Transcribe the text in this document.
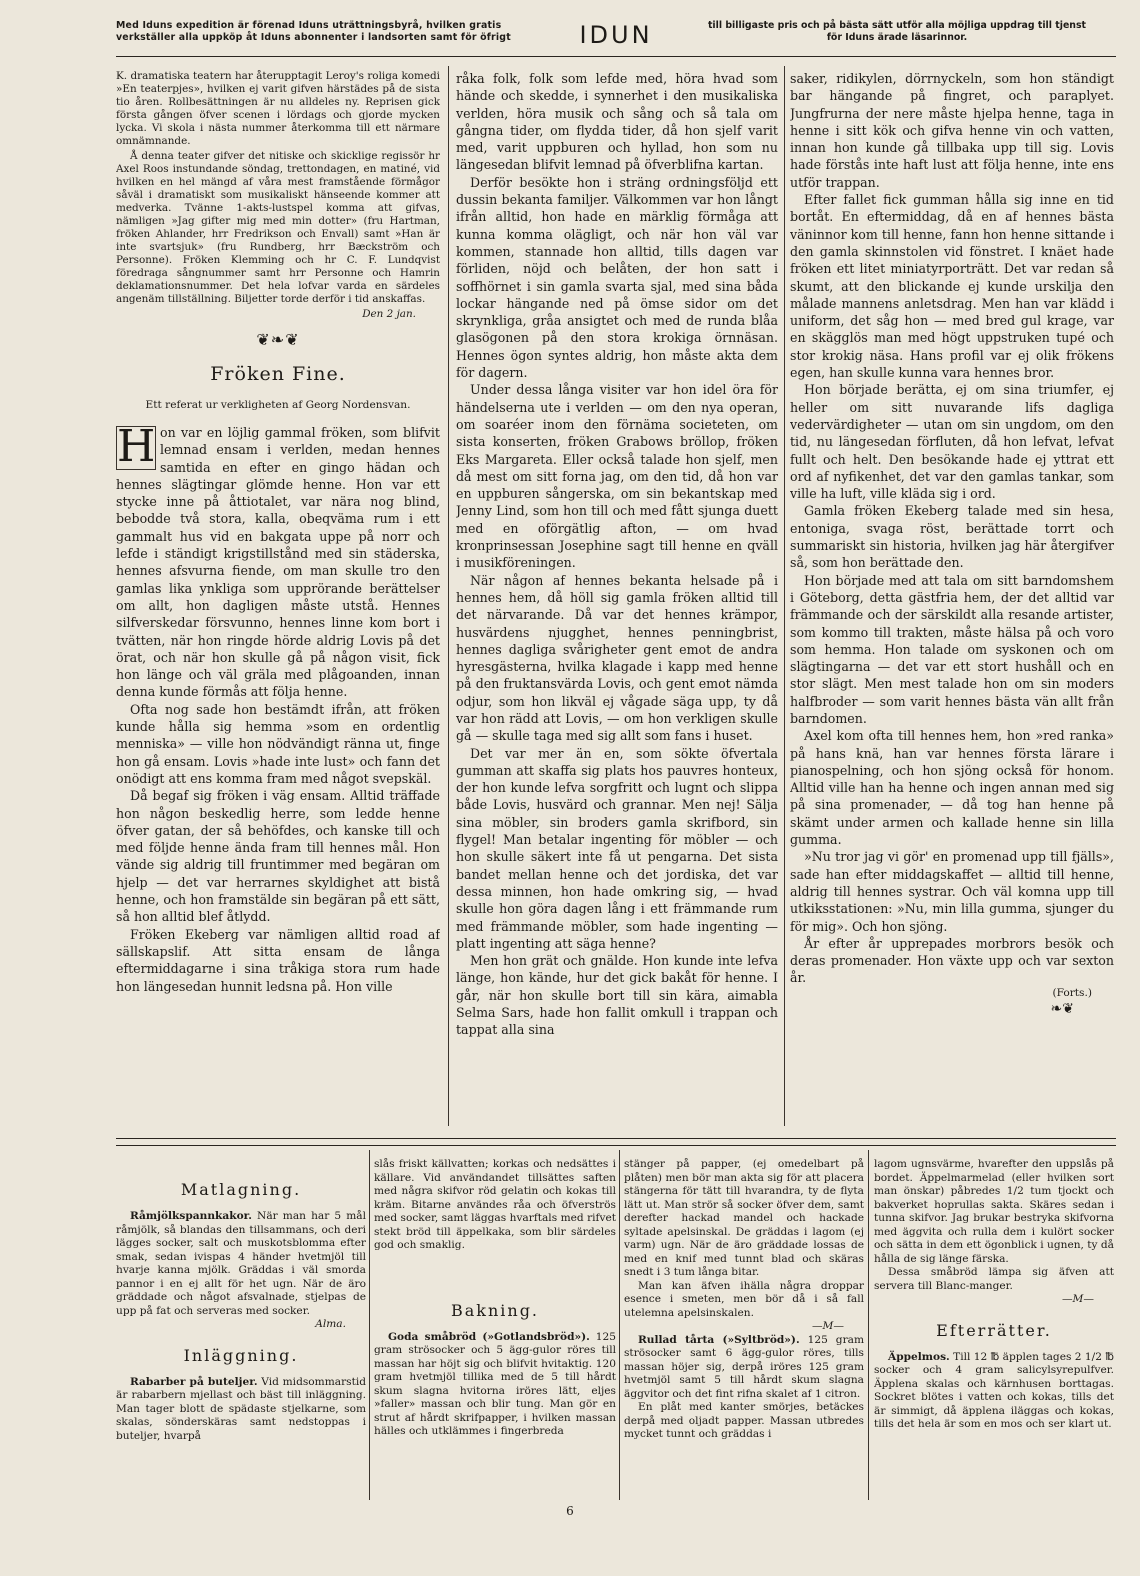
Med Iduns expedition är förenad Iduns uträttningsbyrå, hvilken gratis
verkställer alla uppköp åt Iduns abonnenter i landsorten samt för öfrigt	IDUN	till billigaste pris och på bästa sätt utför alla möjliga uppdrag till tjenst
för Iduns ärade läsarinnor.

K. dramatiska teatern har återupptagit Leroy's roliga komedi »En teaterpjes», hvilken ej varit gifven härstädes på de sista tio åren. Rollbesättningen är nu alldeles ny. Reprisen gick första gången öfver scenen i lördags och gjorde mycken lycka. Vi skola i nästa nummer återkomma till ett närmare omnämnande.

Å denna teater gifver det nitiske och skicklige regissör hr Axel Roos instundande söndag, trettondagen, en matiné, vid hvilken en hel mängd af våra mest framstående förmågor såväl i dramatiskt som musikaliskt hänseende kommer att medverka. Tvänne 1-akts-lustspel komma att gifvas, nämligen »Jag gifter mig med min dotter» (fru Hartman, fröken Ahlander, hrr Fredrikson och Envall) samt »Han är inte svartsjuk» (fru Rundberg, hrr Bæckström och Personne). Fröken Klemming och hr C. F. Lundqvist föredraga sångnummer samt hrr Personne och Hamrin deklamationsnummer. Det hela lofvar varda en särdeles angenäm tillställning. Biljetter torde derför i tid anskaffas.

Den 2 jan.

❦❧❦
Fröken Fine.
Ett referat ur verkligheten af Georg Nordensvan.

H on var en löjlig gammal fröken, som blifvit lemnad ensam i verlden, medan hennes samtida en efter en gingo hädan och hennes slägtingar glömde henne. Hon var ett stycke inne på åttiotalet, var nära nog blind, bebodde två stora, kalla, obeqväma rum i ett gammalt hus vid en bakgata uppe på norr och lefde i ständigt krigstillstånd med sin städerska, hennes afsvurna fiende, om man skulle tro den gamlas lika ynkliga som upprörande berättelser om allt, hon dagligen måste utstå. Hennes silfverskedar försvunno, hennes linne kom bort i tvätten, när hon ringde hörde aldrig Lovis på det örat, och när hon skulle gå på någon visit, fick hon länge och väl gräla med plågoanden, innan denna kunde förmås att följa henne.

Ofta nog sade hon bestämdt ifrån, att fröken kunde hålla sig hemma »som en ordentlig menniska» — ville hon nödvändigt ränna ut, finge hon gå ensam. Lovis »hade inte lust» och fann det onödigt att ens komma fram med något svepskäl.

Då begaf sig fröken i väg ensam. Alltid träffade hon någon beskedlig herre, som ledde henne öfver gatan, der så behöfdes, och kanske till och med följde henne ända fram till hennes mål. Hon vände sig aldrig till fruntimmer med begäran om hjelp — det var herrarnes skyldighet att bistå henne, och hon framstälde sin begäran på ett sätt, så hon alltid blef åtlydd.

Fröken Ekeberg var nämligen alltid road af sällskapslif. Att sitta ensam de långa eftermiddagarne i sina tråkiga stora rum hade hon längesedan hunnit ledsna på. Hon ville

råka folk, folk som lefde med, höra hvad som hände och skedde, i synnerhet i den musikaliska verlden, höra musik och sång och så tala om gångna tider, om flydda tider, då hon sjelf varit med, varit uppburen och hyllad, hon som nu längesedan blifvit lemnad på öfverblifna kartan.

Derför besökte hon i sträng ordningsföljd ett dussin bekanta familjer. Välkommen var hon långt ifrån alltid, hon hade en märklig förmåga att kunna komma olägligt, och när hon väl var kommen, stannade hon alltid, tills dagen var förliden, nöjd och belåten, der hon satt i soffhörnet i sin gamla svarta sjal, med sina båda lockar hängande ned på ömse sidor om det skrynkliga, gråa ansigtet och med de runda blåa glasögonen på den stora krokiga örnnäsan. Hennes ögon syntes aldrig, hon måste akta dem för dagern.

Under dessa långa visiter var hon idel öra för händelserna ute i verlden — om den nya operan, om soaréer inom den förnäma societeten, om sista konserten, fröken Grabows bröllop, fröken Eks Margareta. Eller också talade hon sjelf, men då mest om sitt forna jag, om den tid, då hon var en uppburen sångerska, om sin bekantskap med Jenny Lind, som hon till och med fått sjunga duett med en oförgätlig afton, — om hvad kronprinsessan Josephine sagt till henne en qväll i musikföreningen.

När någon af hennes bekanta helsade på i hennes hem, då höll sig gamla fröken alltid till det närvarande. Då var det hennes krämpor, husvärdens njugghet, hennes penningbrist, hennes dagliga svårigheter gent emot de andra hyresgästerna, hvilka klagade i kapp med henne på den fruktansvärda Lovis, och gent emot nämda odjur, som hon likväl ej vågade säga upp, ty då var hon rädd att Lovis, — om hon verkligen skulle gå — skulle taga med sig allt som fans i huset.

Det var mer än en, som sökte öfvertala gumman att skaffa sig plats hos pauvres honteux, der hon kunde lefva sorgfritt och lugnt och slippa både Lovis, husvärd och grannar. Men nej! Sälja sina möbler, sin broders gamla skrifbord, sin flygel! Man betalar ingenting för möbler — och hon skulle säkert inte få ut pengarna. Det sista bandet mellan henne och det jordiska, det var dessa minnen, hon hade omkring sig, — hvad skulle hon göra dagen lång i ett främmande rum med främmande möbler, som hade ingenting — platt ingenting att säga henne?

Men hon grät och gnälde. Hon kunde inte lefva länge, hon kände, hur det gick bakåt för henne. I går, när hon skulle bort till sin kära, aimabla Selma Sars, hade hon fallit omkull i trappan och tappat alla sina

saker, ridikylen, dörrnyckeln, som hon ständigt bar hängande på fingret, och paraplyet. Jungfrurna der nere måste hjelpa henne, taga in henne i sitt kök och gifva henne vin och vatten, innan hon kunde gå tillbaka upp till sig. Lovis hade förstås inte haft lust att följa henne, inte ens utför trappan.

Efter fallet fick gumman hålla sig inne en tid bortåt. En eftermiddag, då en af hennes bästa väninnor kom till henne, fann hon henne sittande i den gamla skinnstolen vid fönstret. I knäet hade fröken ett litet miniatyrporträtt. Det var redan så skumt, att den blickande ej kunde urskilja den målade mannens anletsdrag. Men han var klädd i uniform, det såg hon — med bred gul krage, var en skägglös man med högt uppstruken tupé och stor krokig näsa. Hans profil var ej olik frökens egen, han skulle kunna vara hennes bror.

Hon började berätta, ej om sina triumfer, ej heller om sitt nuvarande lifs dagliga vedervärdigheter — utan om sin ungdom, om den tid, nu längesedan förfluten, då hon lefvat, lefvat fullt och helt. Den besökande hade ej yttrat ett ord af nyfikenhet, det var den gamlas tankar, som ville ha luft, ville kläda sig i ord.

Gamla fröken Ekeberg talade med sin hesa, entoniga, svaga röst, berättade torrt och summariskt sin historia, hvilken jag här återgifver så, som hon berättade den.

Hon började med att tala om sitt barndomshem i Göteborg, detta gästfria hem, der det alltid var främmande och der särskildt alla resande artister, som kommo till trakten, måste hälsa på och voro som hemma. Hon talade om syskonen och om slägtingarna — det var ett stort hushåll och en stor slägt. Men mest talade hon om sin moders halfbroder — som varit hennes bästa vän allt från barndomen.

Axel kom ofta till hennes hem, hon »red ranka» på hans knä, han var hennes första lärare i pianospelning, och hon sjöng också för honom. Alltid ville han ha henne och ingen annan med sig på sina promenader, — då tog han henne på skämt under armen och kallade henne sin lilla gumma.

»Nu tror jag vi gör' en promenad upp till fjälls», sade han efter middagskaffet — alltid till henne, aldrig till hennes systrar. Och väl komna upp till utkiksstationen: »Nu, min lilla gumma, sjunger du för mig». Och hon sjöng.

År efter år upprepades morbrors besök och deras promenader. Hon växte upp och var sexton år.

(Forts.)
❧❦
Matlagning.

Råmjölkspannkakor. När man har 5 mål råmjölk, så blandas den tillsammans, och deri lägges socker, salt och muskotsblomma efter smak, sedan ivispas 4 händer hvetmjöl till hvarje kanna mjölk. Gräddas i väl smorda pannor i en ej allt för het ugn. När de äro gräddade och något afsvalnade, stjelpas de upp på fat och serveras med socker.

Alma.

Inläggning.

Rabarber på buteljer. Vid midsommarstid är rabarbern mjellast och bäst till inläggning. Man tager blott de spädaste stjelkarne, som skalas, sönderskäras samt nedstoppas i buteljer, hvarpå

slås friskt källvatten; korkas och nedsättes i källare. Vid användandet tillsättes saften med några skifvor röd gelatin och kokas till kräm. Bitarne användes råa och öfverströs med socker, samt läggas hvarftals med rifvet stekt bröd till äppelkaka, som blir särdeles god och smaklig.

Bakning.

Goda småbröd (»Gotlandsbröd»). 125 gram strösocker och 5 ägg-gulor röres till massan har höjt sig och blifvit hvitaktig. 120 gram hvetmjöl tillika med de 5 till hårdt skum slagna hvitorna iröres lätt, eljes »faller» massan och blir tung. Man gör en strut af hårdt skrifpapper, i hvilken massan hälles och utklämmes i fingerbreda

stänger på papper, (ej omedelbart på plåten) men bör man akta sig för att placera stängerna för tätt till hvarandra, ty de flyta lätt ut. Man strör så socker öfver dem, samt derefter hackad mandel och hackade syltade apelsinskal. De gräddas i lagom (ej varm) ugn. När de äro gräddade lossas de med en knif med tunnt blad och skäras snedt i 3 tum långa bitar.

Man kan äfven ihälla några droppar esence i smeten, men bör då i så fall utelemna apelsinskalen.

—M—

Rullad tårta (»Syltbröd»). 125 gram strösocker samt 6 ägg-gulor röres, tills massan höjer sig, derpå iröres 125 gram hvetmjöl samt 5 till hårdt skum slagna äggvitor och det fint rifna skalet af 1 citron.

En plåt med kanter smörjes, betäckes derpå med oljadt papper. Massan utbredes mycket tunnt och gräddas i

lagom ugnsvärme, hvarefter den uppslås på bordet. Äppelmarmelad (eller hvilken sort man önskar) påbredes 1/2 tum tjockt och bakverket hoprullas sakta. Skäres sedan i tunna skifvor. Jag brukar bestrykа skifvorna med äggvita och rulla dem i kulört socker och sätta in dem ett ögonblick i ugnen, ty då hålla de sig länge färska.

Dessa småbröd lämpa sig äfven att servera till Blanc-manger.

—M—

Efterrätter.

Äppelmos. Till 12 ℔ äpplen tages 2 1/2 ℔ socker och 4 gram salicylsyrepulfver. Äpplena skalas och kärnhusen borttagas. Sockret blötes i vatten och kokas, tills det är simmigt, då äpplena iläggas och kokas, tills det hela är som en mos och ser klart ut.

6
